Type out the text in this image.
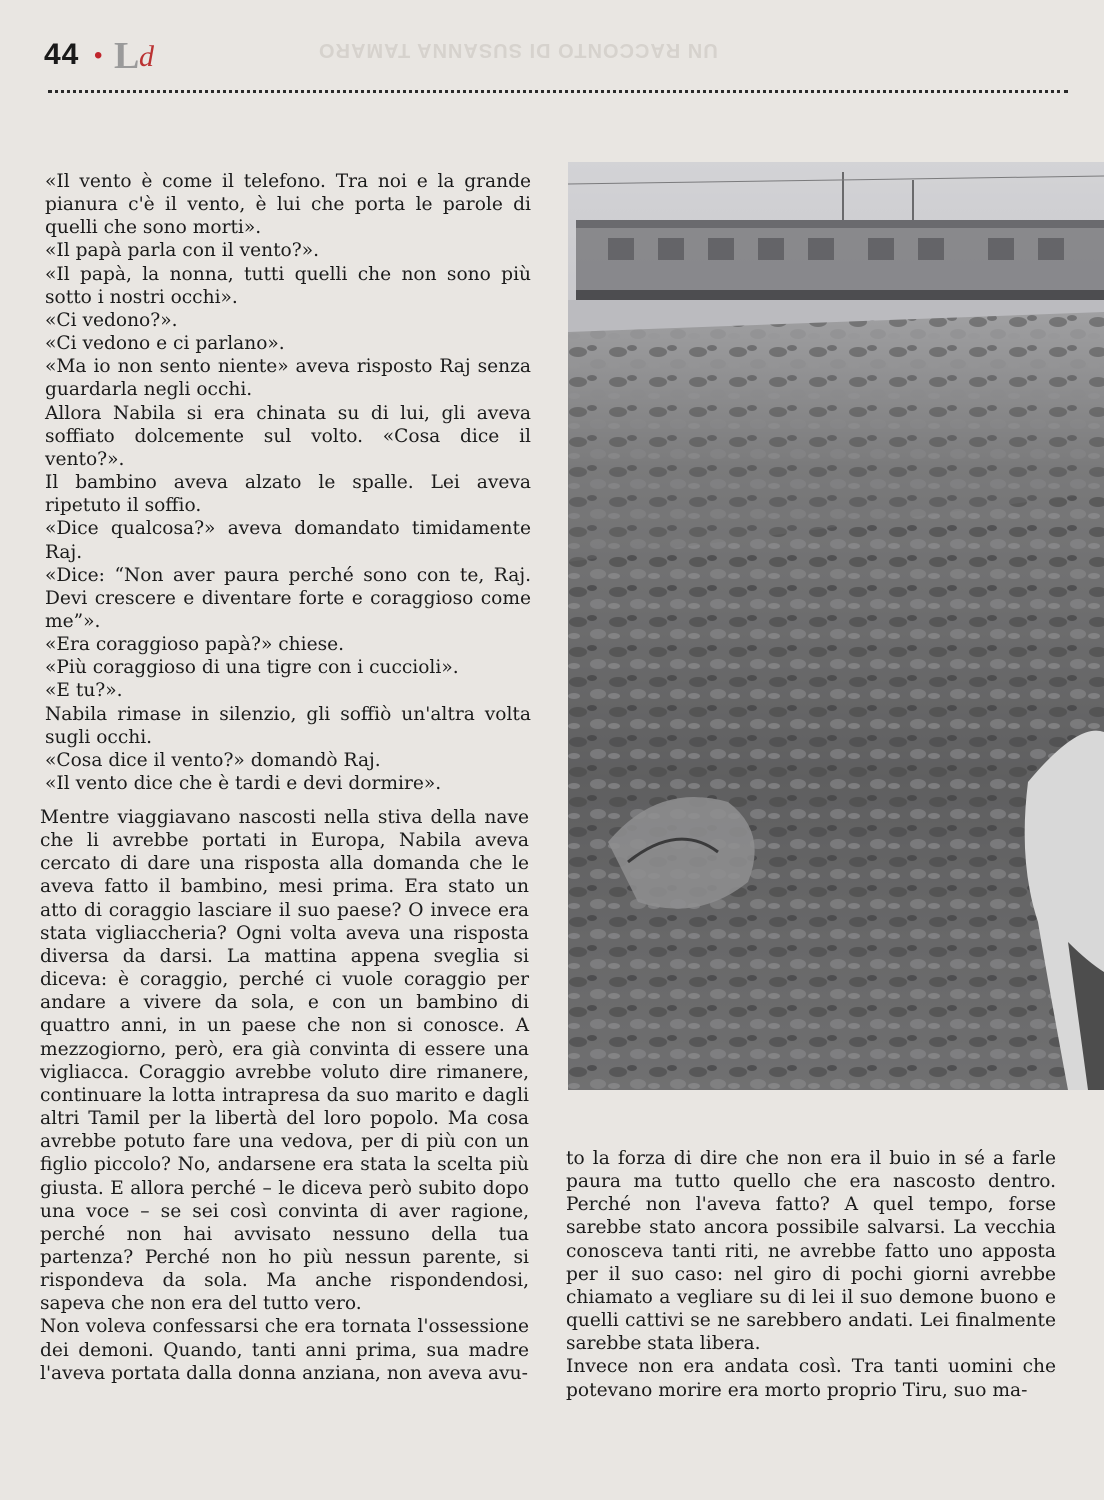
44 • L d	UN RACCONTO DI SUSANNA TAMARO

«Il vento è come il telefono. Tra noi e la grande pianura c'è il vento, è lui che porta le parole di quelli che sono morti».

«Il papà parla con il vento?».

«Il papà, la nonna, tutti quelli che non sono più sotto i nostri occhi».

«Ci vedono?».

«Ci vedono e ci parlano».

«Ma io non sento niente» aveva risposto Raj senza guardarla negli occhi.

Allora Nabila si era chinata su di lui, gli aveva soffiato dolcemente sul volto. «Cosa dice il vento?».

Il bambino aveva alzato le spalle. Lei aveva ripetuto il soffio.

«Dice qualcosa?» aveva domandato timidamente Raj.

«Dice: “Non aver paura perché sono con te, Raj. Devi crescere e diventare forte e coraggioso come me”».

«Era coraggioso papà?» chiese.

«Più coraggioso di una tigre con i cuccioli».

«E tu?».

Nabila rimase in silenzio, gli soffiò un'altra volta sugli occhi.

«Cosa dice il vento?» domandò Raj.

«Il vento dice che è tardi e devi dormire».

Mentre viaggiavano nascosti nella stiva della nave che li avrebbe portati in Europa, Nabila aveva cercato di dare una risposta alla domanda che le aveva fatto il bambino, mesi prima. Era stato un atto di coraggio lasciare il suo paese? O invece era stata vigliaccheria? Ogni volta aveva una risposta diversa da darsi. La mattina appena sveglia si diceva: è coraggio, perché ci vuole coraggio per andare a vivere da sola, e con un bambino di quattro anni, in un paese che non si conosce. A mezzogiorno, però, era già convinta di essere una vigliacca. Coraggio avrebbe voluto dire rimanere, continuare la lotta intrapresa da suo marito e dagli altri Tamil per la libertà del loro popolo. Ma cosa avrebbe potuto fare una vedova, per di più con un figlio piccolo? No, andarsene era stata la scelta più giusta. E allora perché – le diceva però subito dopo una voce – se sei così convinta di aver ragione, perché non hai avvisato nessuno della tua partenza? Perché non ho più nessun parente, si rispondeva da sola. Ma anche rispondendosi, sapeva che non era del tutto vero.

Non voleva confessarsi che era tornata l'ossessione dei demoni. Quando, tanti anni prima, sua madre l'aveva portata dalla donna anziana, non aveva avu-

to la forza di dire che non era il buio in sé a farle paura ma tutto quello che era nascosto dentro. Perché non l'aveva fatto? A quel tempo, forse sarebbe stato ancora possibile salvarsi. La vecchia conosceva tanti riti, ne avrebbe fatto uno apposta per il suo caso: nel giro di pochi giorni avrebbe chiamato a vegliare su di lei il suo demone buono e quelli cattivi se ne sarebbero andati. Lei finalmente sarebbe stata libera.

Invece non era andata così. Tra tanti uomini che potevano morire era morto proprio Tiru, suo ma-
